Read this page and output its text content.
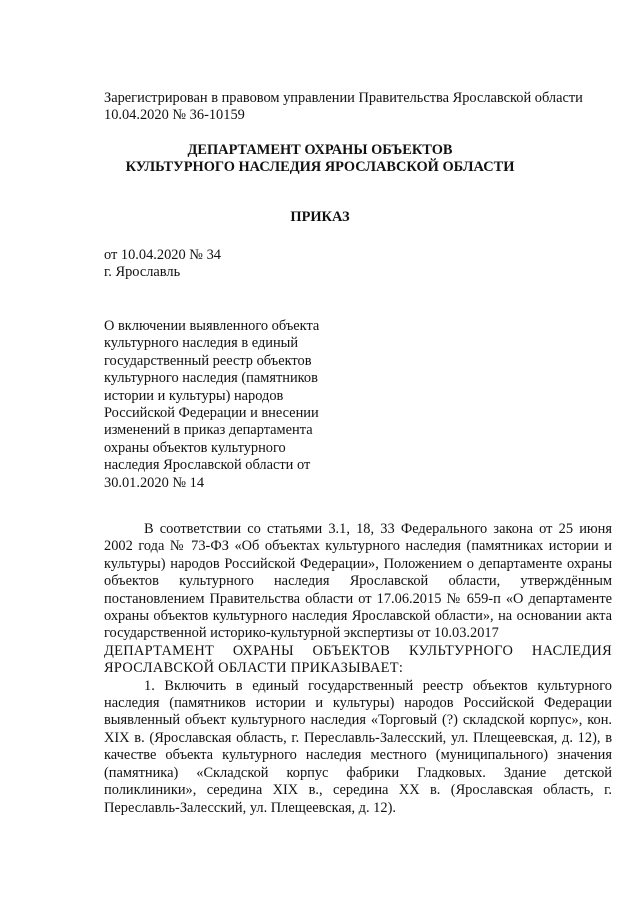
Зарегистрирован в правовом управлении Правительства Ярославской области
10.04.2020 № 36-10159
ДЕПАРТАМЕНТ ОХРАНЫ ОБЪЕКТОВ
КУЛЬТУРНОГО НАСЛЕДИЯ ЯРОСЛАВСКОЙ ОБЛАСТИ
ПРИКАЗ
от 10.04.2020 № 34
г. Ярославль
О включении выявленного объекта
культурного наследия в единый
государственный реестр объектов
культурного наследия (памятников
истории и культуры) народов
Российской Федерации и внесении
изменений в приказ департамента
охраны объектов культурного
наследия Ярославской области от
30.01.2020 № 14

В соответствии со статьями 3.1, 18, 33 Федерального закона от 25 июня 2002 года № 73-ФЗ «Об объектах культурного наследия (памятниках истории и культуры) народов Российской Федерации», Положением о департаменте охраны объектов культурного наследия Ярославской области, утверждённым постановлением Правительства области от 17.06.2015 № 659-п «О департаменте охраны объектов культурного наследия Ярославской области», на основании акта государственной историко-культурной экспертизы от 10.03.2017

ДЕПАРТАМЕНТ ОХРАНЫ ОБЪЕКТОВ КУЛЬТУРНОГО НАСЛЕДИЯ ЯРОСЛАВСКОЙ ОБЛАСТИ ПРИКАЗЫВАЕТ:

1. Включить в единый государственный реестр объектов культурного наследия (памятников истории и культуры) народов Российской Федерации выявленный объект культурного наследия «Торговый (?) складской корпус», кон. XIX в. (Ярославская область, г. Переславль-Залесский, ул. Плещеевская, д. 12), в качестве объекта культурного наследия местного (муниципального) значения (памятника) «Складской корпус фабрики Гладковых. Здание детской поликлиники», середина XIX в., середина XX в. (Ярославская область, г. Переславль-Залесский, ул. Плещеевская, д. 12).
